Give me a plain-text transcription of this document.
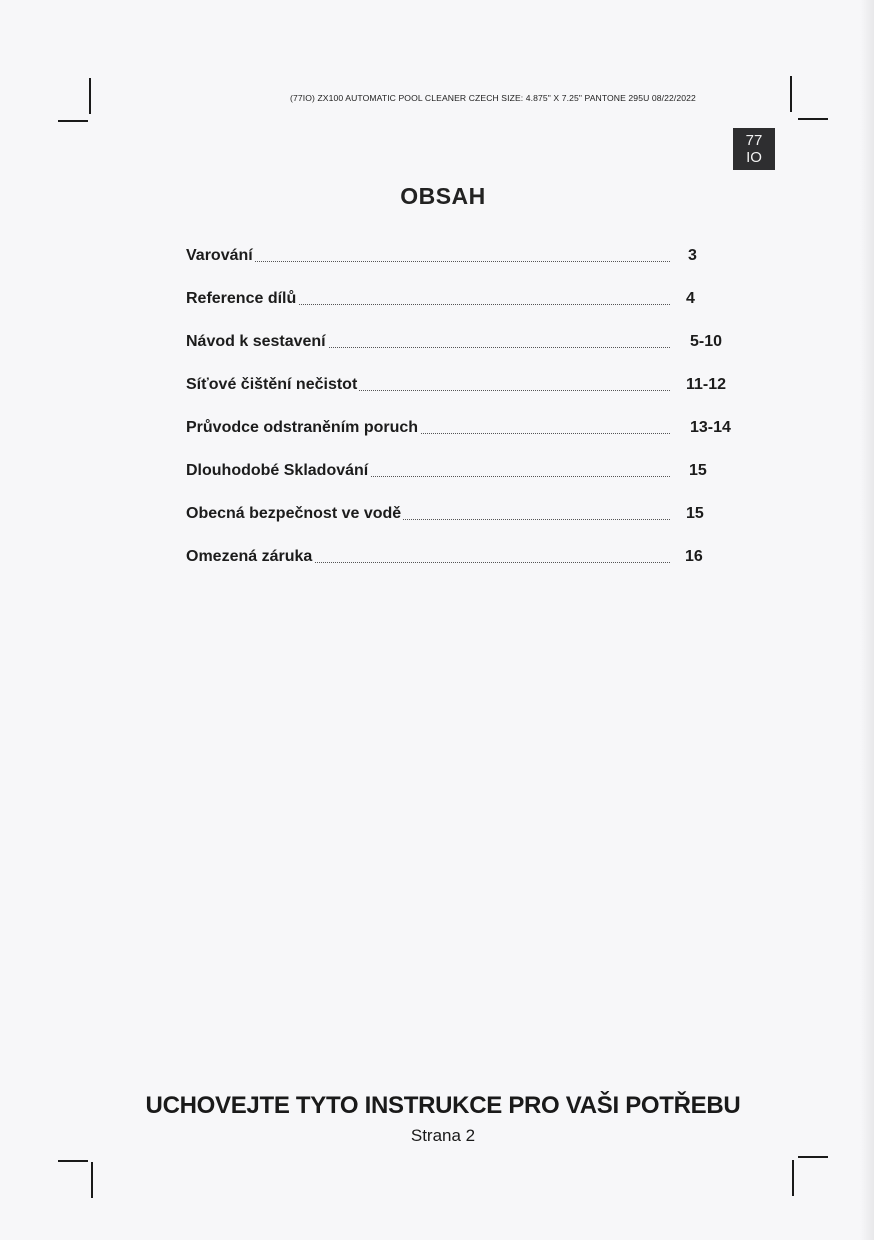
(77IO) ZX100 AUTOMATIC POOL CLEANER CZECH SIZE: 4.875" X 7.25" PANTONE 295U 08/22/2022
77
IO
OBSAH
Varování	3
Reference dílů	4
Návod k sestavení	5-10
Síťové čištění nečistot	11-12
Průvodce odstraněním poruch	13-14
Dlouhodobé Skladování	15
Obecná bezpečnost ve vodě	15
Omezená záruka	16
UCHOVEJTE TYTO INSTRUKCE PRO VAŠI POTŘEBU
Strana 2
